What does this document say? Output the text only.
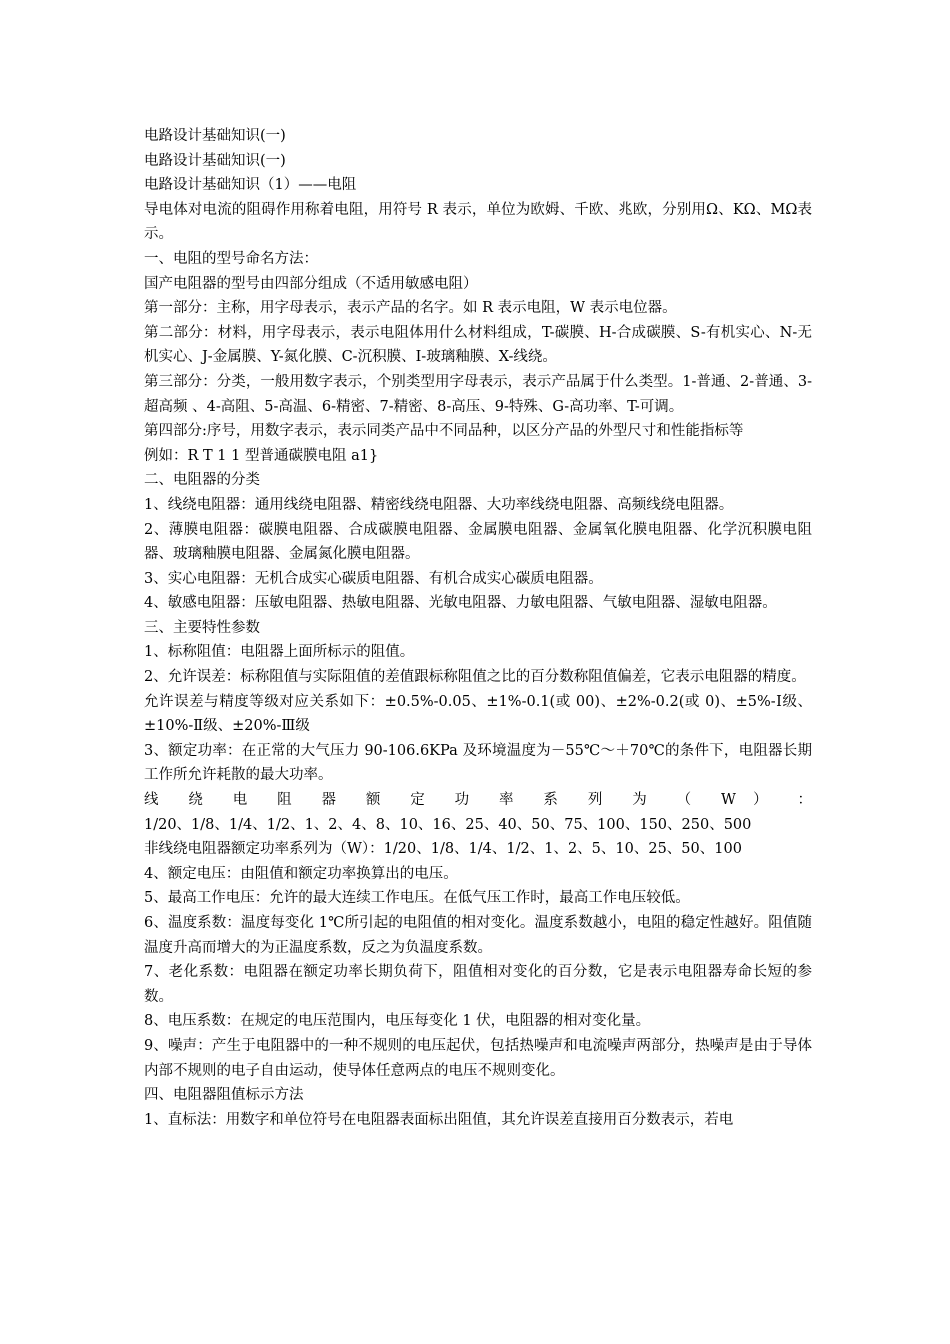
电路设计基础知识(一)

电路设计基础知识(一)

电路设计基础知识（1）——电阻

导电体对电流的阻碍作用称着电阻，用符号 R 表示，单位为欧姆、千欧、兆欧，分别用Ω、KΩ、MΩ表示。

一、电阻的型号命名方法：

国产电阻器的型号由四部分组成（不适用敏感电阻）

第一部分：主称，用字母表示，表示产品的名字。如 R 表示电阻，W 表示电位器。

第二部分：材料，用字母表示，表示电阻体用什么材料组成，T-碳膜、H-合成碳膜、S-有机实心、N-无机实心、J-金属膜、Y-氮化膜、C-沉积膜、I-玻璃釉膜、X-线绕。

第三部分：分类，一般用数字表示，个别类型用字母表示，表示产品属于什么类型。1-普通、2-普通、3-超高频 、4-高阻、5-高温、6-精密、7-精密、8-高压、9-特殊、G-高功率、T-可调。

第四部分:序号，用数字表示，表示同类产品中不同品种，以区分产品的外型尺寸和性能指标等

例如：R T 1 1 型普通碳膜电阻 a1}

二、电阻器的分类

1、线绕电阻器：通用线绕电阻器、精密线绕电阻器、大功率线绕电阻器、高频线绕电阻器。

2、薄膜电阻器：碳膜电阻器、合成碳膜电阻器、金属膜电阻器、金属氧化膜电阻器、化学沉积膜电阻器、玻璃釉膜电阻器、金属氮化膜电阻器。

3、实心电阻器：无机合成实心碳质电阻器、有机合成实心碳质电阻器。

4、敏感电阻器：压敏电阻器、热敏电阻器、光敏电阻器、力敏电阻器、气敏电阻器、湿敏电阻器。

三、主要特性参数

1、标称阻值：电阻器上面所标示的阻值。

2、允许误差：标称阻值与实际阻值的差值跟标称阻值之比的百分数称阻值偏差，它表示电阻器的精度。

允许误差与精度等级对应关系如下：±0.5%-0.05、±1%-0.1(或 00)、±2%-0.2(或 0)、±5%-Ⅰ级、±10%-Ⅱ级、±20%-Ⅲ级

3、额定功率：在正常的大气压力 90-106.6KPa 及环境温度为－55℃～＋70℃的条件下，电阻器长期工作所允许耗散的最大功率。

线 绕 电 阻 器 额 定 功 率 系 列 为 （ W ） ：

1/20、1/8、1/4、1/2、1、2、4、8、10、16、25、40、50、75、100、150、250、500

非线绕电阻器额定功率系列为（W）：1/20、1/8、1/4、1/2、1、2、5、10、25、50、100

4、额定电压：由阻值和额定功率换算出的电压。

5、最高工作电压：允许的最大连续工作电压。在低气压工作时，最高工作电压较低。

6、温度系数：温度每变化 1℃所引起的电阻值的相对变化。温度系数越小，电阻的稳定性越好。阻值随温度升高而增大的为正温度系数，反之为负温度系数。

7、老化系数：电阻器在额定功率长期负荷下，阻值相对变化的百分数，它是表示电阻器寿命长短的参数。

8、电压系数：在规定的电压范围内，电压每变化 1 伏，电阻器的相对变化量。

9、噪声：产生于电阻器中的一种不规则的电压起伏，包括热噪声和电流噪声两部分，热噪声是由于导体内部不规则的电子自由运动，使导体任意两点的电压不规则变化。

四、电阻器阻值标示方法

1、直标法：用数字和单位符号在电阻器表面标出阻值，其允许误差直接用百分数表示，若电
